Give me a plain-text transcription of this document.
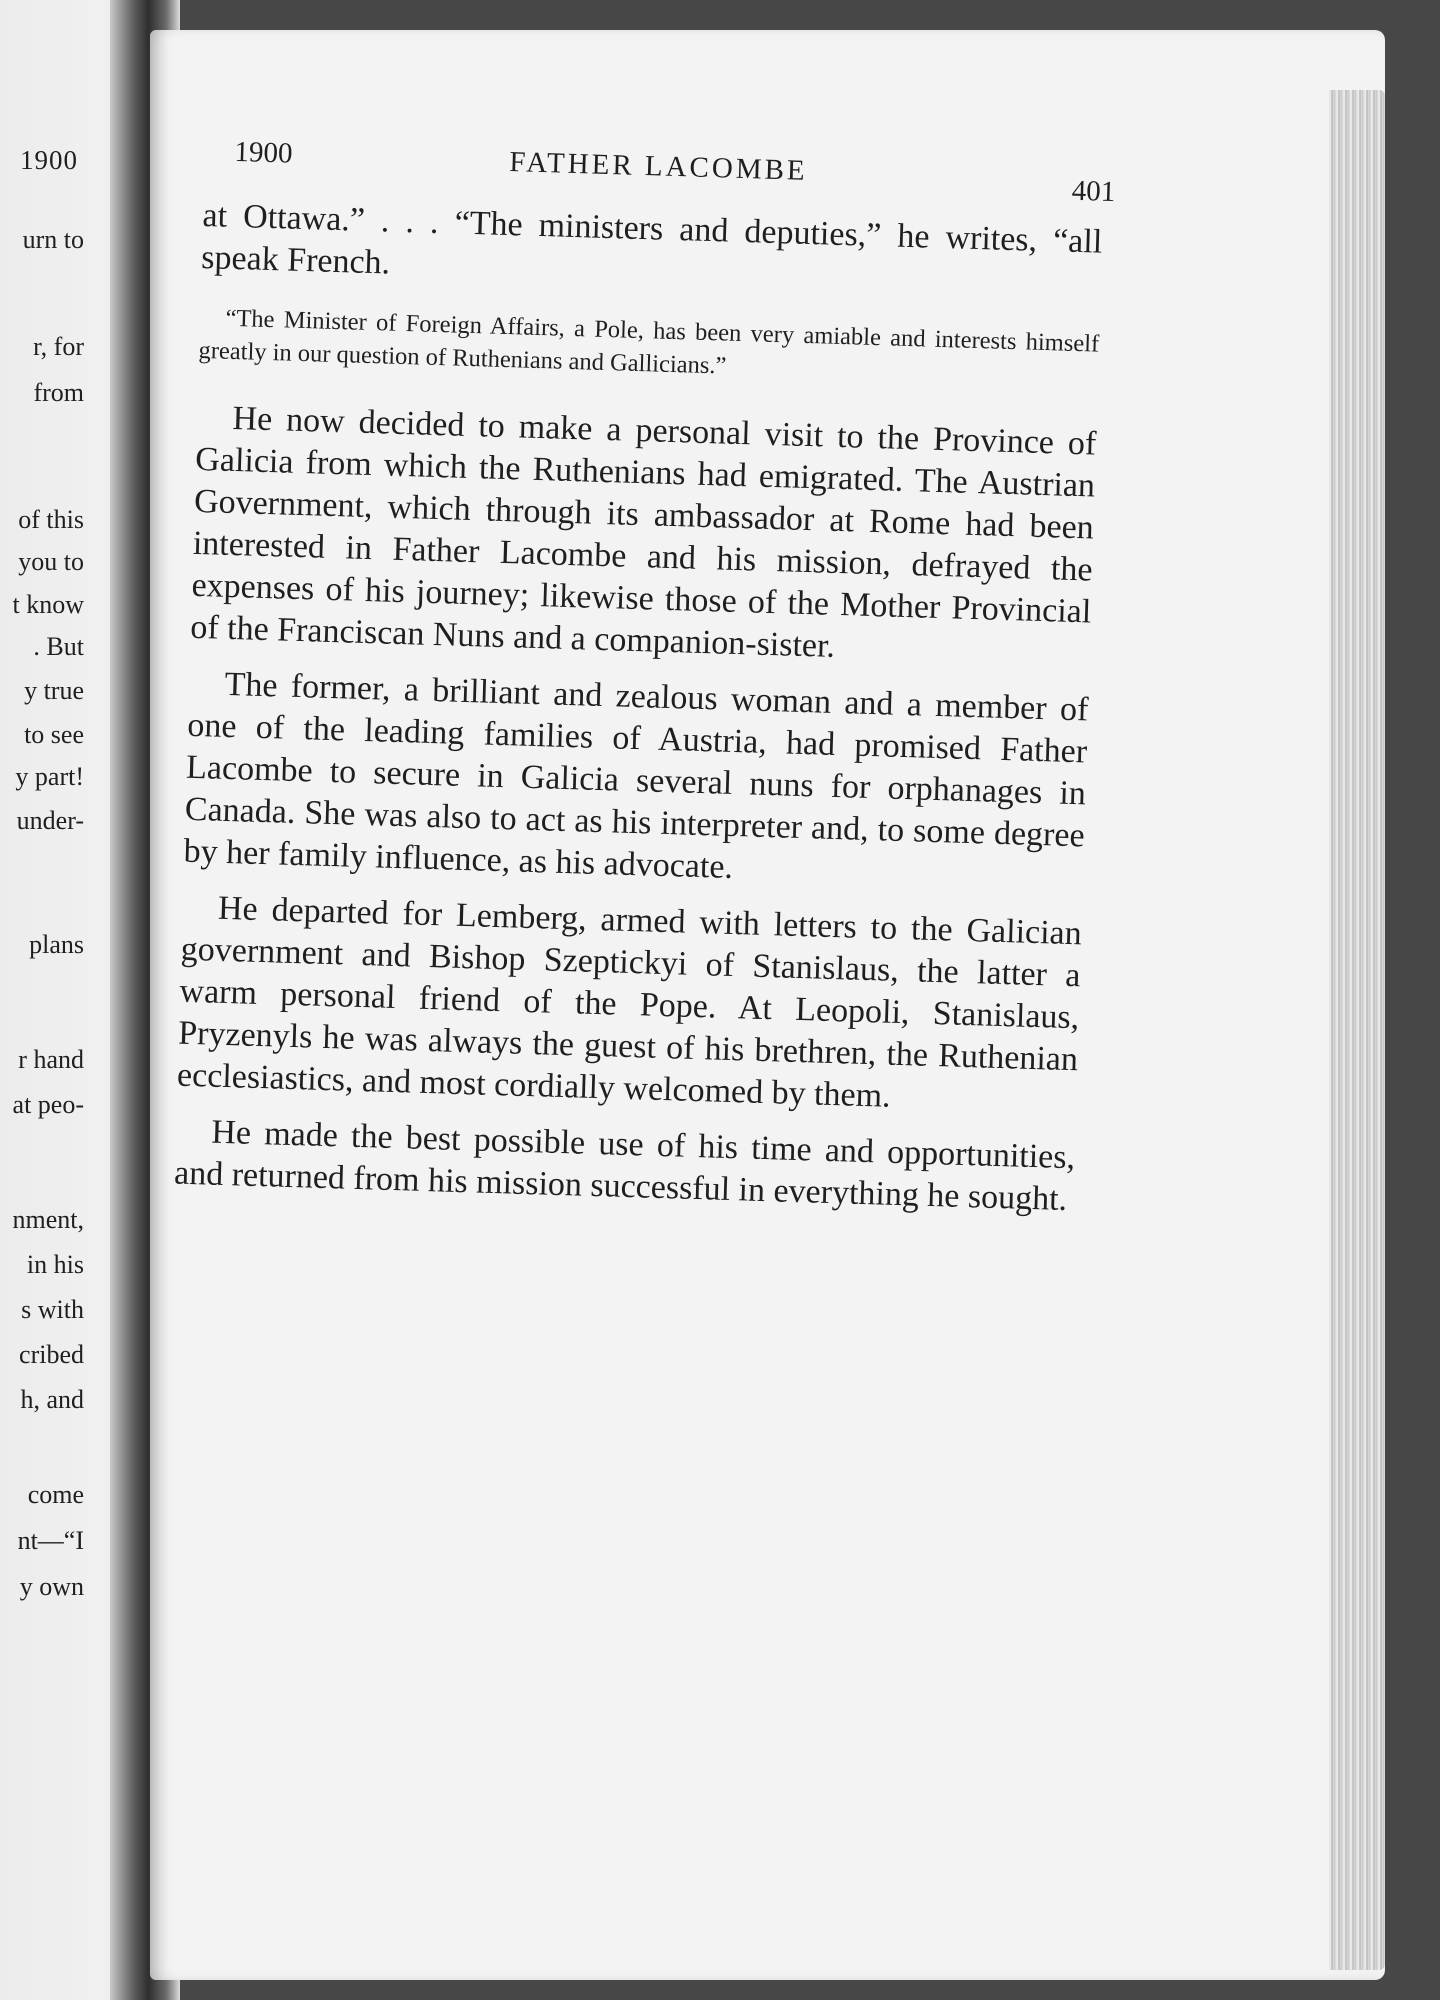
1900
urn to
r, for
from
of this
you to
t know
. But
y true
to see
y part!
under-
plans
r hand
at peo-
nment,
in his
s with
cribed
h, and
come
nt—“I
y own
1900	FATHER LACOMBE
401

at Ottawa.” . . . “The ministers and deputies,” he writes, “all speak French.

“The Minister of Foreign Affairs, a Pole, has been very amiable and interests himself greatly in our question of Ruthenians and Gallicians.”

He now decided to make a personal visit to the Province of Galicia from which the Ruthenians had emigrated. The Austrian Government, which through its ambassador at Rome had been interested in Father Lacombe and his mission, defrayed the expenses of his journey; likewise those of the Mother Provincial of the Franciscan Nuns and a companion-sister.

The former, a brilliant and zealous woman and a member of one of the leading families of Austria, had promised Father Lacombe to secure in Galicia several nuns for orphanages in Canada. She was also to act as his interpreter and, to some degree by her family influence, as his advocate.

He departed for Lemberg, armed with letters to the Galician government and Bishop Szeptickyi of Stanislaus, the latter a warm personal friend of the Pope. At Leopoli, Stanislaus, Pryzenyls he was always the guest of his brethren, the Ruthenian ecclesiastics, and most cordially welcomed by them.

He made the best possible use of his time and opportunities, and returned from his mission successful in everything he sought.
